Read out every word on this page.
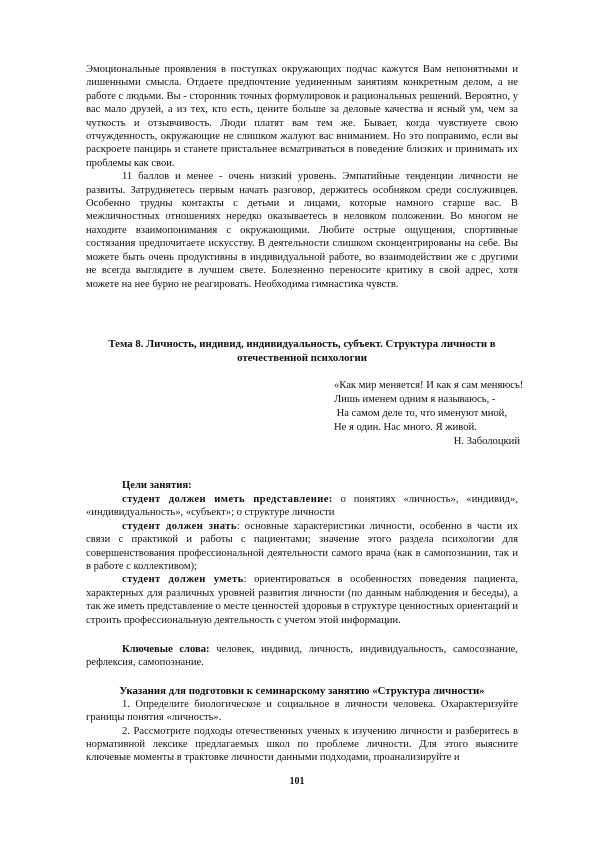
Эмоциональные проявления в поступках окружающих подчас кажутся Вам непонятными и лишенными смысла. Отдаете предпочтение уединенным занятиям конкретным делом, а не работе с людьми. Вы - сторонник точных формулировок и рациональных решений. Вероятно, у вас мало друзей, а из тех, кто есть, цените больше за деловые качества и ясный ум, чем за чуткость и отзывчивость. Люди платят вам тем же. Бывает, когда чувствуете свою отчужденность, окружающие не слишком жалуют вас вниманием. Но это поправимо, если вы раскроете панцирь и станете пристальнее всматриваться в поведение близких и принимать их проблемы как свои.

11 баллов и менее - очень низкий уровень. Эмпатийные тенденции личности не развиты. Затрудняетесь первым начать разговор, держитесь особняком среди сослуживцев. Особенно трудны контакты с детьми и лицами, которые намного старше вас. В межличностных отношениях нередко оказываетесь в неловком положении. Во многом не находите взаимопонимания с окружающими. Любите острые ощущения, спортивные состязания предпочитаете искусству. В деятельности слишком сконцентрированы на себе. Вы можете быть очень продуктивны в индивидуальной работе, во взаимодействии же с другими не всегда выглядите в лучшем свете. Болезненно переносите критику в свой адрес, хотя можете на нее бурно не реагировать. Необходима гимнастика чувств.

Тема 8. Личность, индивид, индивидуальность, субъект. Структура личности в отечественной психологии

«Как мир меняется! И как я сам меняюсь!
Лишь именем одним я называюсь, -
На самом деле то, что именуют мной,
Не я один. Нас много. Я живой.
Н. Заболоцкий
Цели занятия:

студент должен иметь представление: о понятиях «личность», «индивид», «индивидуальность», «субъект»; о структуре личности

студент должен знать: основные характеристики личности, особенно в части их связи с практикой и работы с пациентами; значение этого раздела психологии для совершенствования профессиональной деятельности самого врача (как в самопознании, так и в работе с коллективом);

студент должен уметь: ориентироваться в особенностях поведения пациента, характерных для различных уровней развития личности (по данным наблюдения и беседы), а так же иметь представление о месте ценностей здоровья в структуре ценностных ориентаций и строить профессиональную деятельность с учетом этой информации.

Ключевые слова: человек, индивид, личность, индивидуальность, самосознание, рефлексия, самопознание.

Указания для подготовки к семинарскому занятию «Структура личности»

1. Определите биологическое и социальное в личности человека. Охарактеризуйте границы понятия «личность».

2. Рассмотрите подходы отечественных ученых к изучению личности и разберитесь в нормативной лексике предлагаемых школ по проблеме личности. Для этого выясните ключевые моменты в трактовке личности данными подходами, проанализируйте и

101
